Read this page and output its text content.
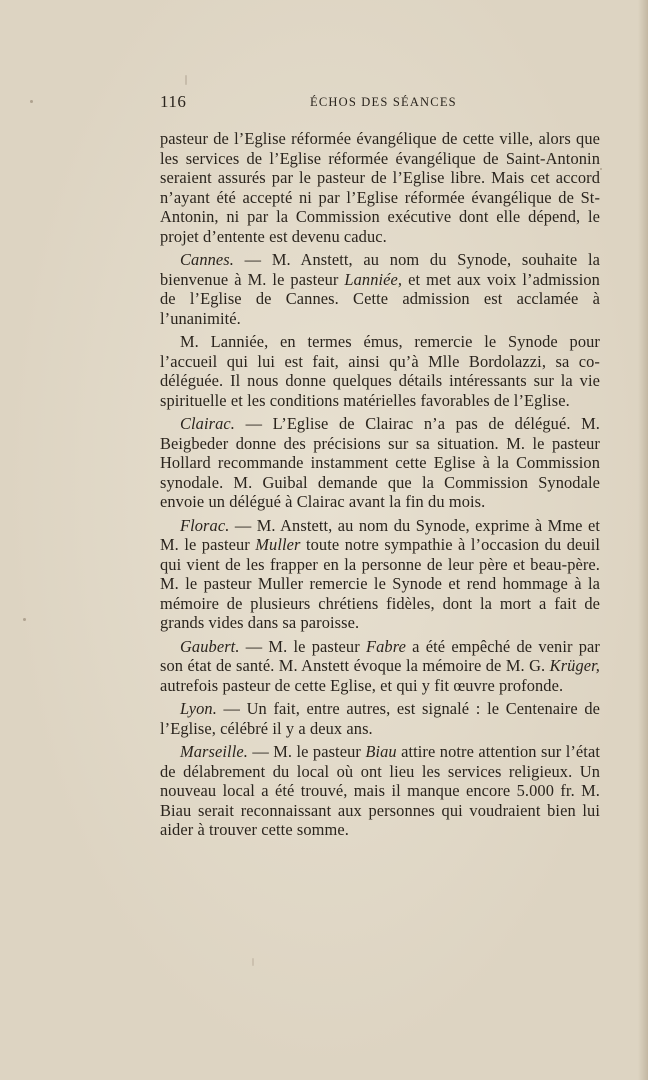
116	ÉCHOS DES SÉANCES

pasteur de l’Eglise réformée évangélique de cette ville, alors que les services de l’Eglise réformée évangélique de Saint-Antonin seraient assurés par le pasteur de l’Eglise libre. Mais cet accord n’ayant été accepté ni par l’Eglise réformée évangélique de St-Antonin, ni par la Commission exécutive dont elle dépend, le projet d’entente est devenu caduc.

Cannes. — M. Anstett, au nom du Synode, souhaite la bienvenue à M. le pasteur Lanniée, et met aux voix l’admission de l’Eglise de Cannes. Cette admission est acclamée à l’unanimité.

M. Lanniée, en termes émus, remercie le Synode pour l’accueil qui lui est fait, ainsi qu’à Mlle Bordolazzi, sa co-déléguée. Il nous donne quelques détails intéressants sur la vie spirituelle et les conditions matérielles favorables de l’Eglise.

Clairac. — L’Eglise de Clairac n’a pas de délégué. M. Beigbeder donne des précisions sur sa situation. M. le pasteur Hollard recommande instamment cette Eglise à la Commission synodale. M. Guibal demande que la Commission Synodale envoie un délégué à Clairac avant la fin du mois.

Florac. — M. Anstett, au nom du Synode, exprime à Mme et M. le pasteur Muller toute notre sympathie à l’occasion du deuil qui vient de les frapper en la personne de leur père et beau-père. M. le pasteur Muller remercie le Synode et rend hommage à la mémoire de plusieurs chrétiens fidèles, dont la mort a fait de grands vides dans sa paroisse.

Gaubert. — M. le pasteur Fabre a été empêché de venir par son état de santé. M. Anstett évoque la mémoire de M. G. Krüger, autrefois pasteur de cette Eglise, et qui y fit œuvre profonde.

Lyon. — Un fait, entre autres, est signalé : le Centenaire de l’Eglise, célébré il y a deux ans.

Marseille. — M. le pasteur Biau attire notre attention sur l’état de délabrement du local où ont lieu les services religieux. Un nouveau local a été trouvé, mais il manque encore 5.000 fr. M. Biau serait reconnaissant aux personnes qui voudraient bien lui aider à trouver cette somme.
